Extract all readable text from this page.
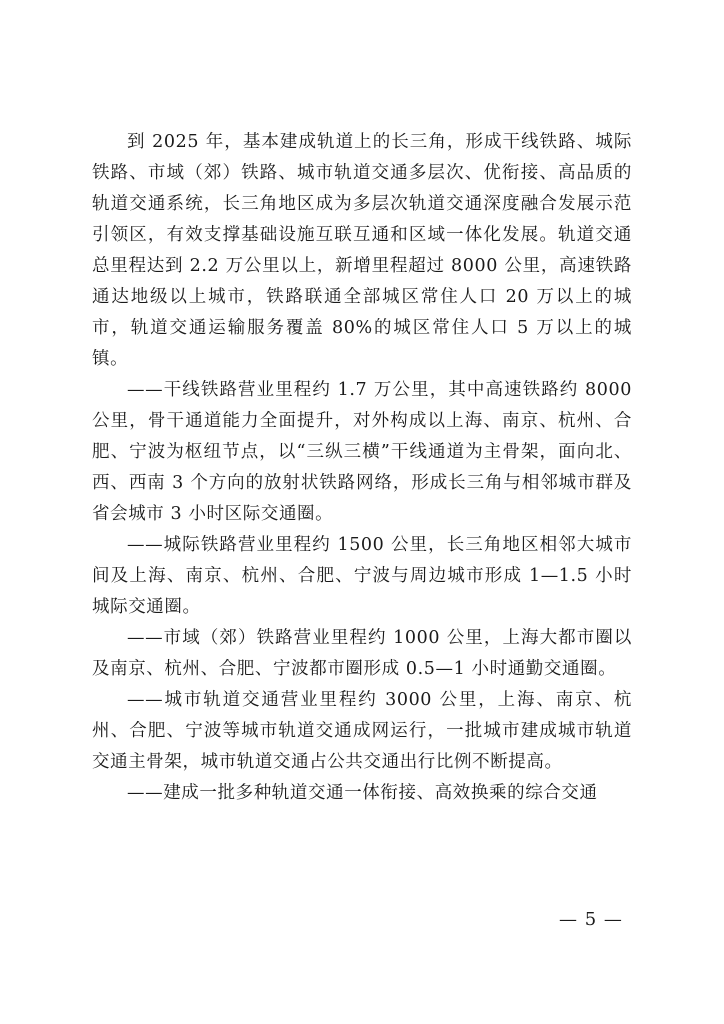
到 2025 年，基本建成轨道上的长三角，形成干线铁路、城际铁路、市域（郊）铁路、城市轨道交通多层次、优衔接、高品质的轨道交通系统，长三角地区成为多层次轨道交通深度融合发展示范引领区，有效支撑基础设施互联互通和区域一体化发展。轨道交通总里程达到 2.2 万公里以上，新增里程超过 8000 公里，高速铁路通达地级以上城市，铁路联通全部城区常住人口 20 万以上的城市，轨道交通运输服务覆盖 80%的城区常住人口 5 万以上的城镇。

——干线铁路营业里程约 1.7 万公里，其中高速铁路约 8000 公里，骨干通道能力全面提升，对外构成以上海、南京、杭州、合肥、宁波为枢纽节点，以“三纵三横”干线通道为主骨架，面向北、西、西南 3 个方向的放射状铁路网络，形成长三角与相邻城市群及省会城市 3 小时区际交通圈。

——城际铁路营业里程约 1500 公里，长三角地区相邻大城市间及上海、南京、杭州、合肥、宁波与周边城市形成 1—1.5 小时城际交通圈。

——市域（郊）铁路营业里程约 1000 公里，上海大都市圈以及南京、杭州、合肥、宁波都市圈形成 0.5—1 小时通勤交通圈。

——城市轨道交通营业里程约 3000 公里，上海、南京、杭州、合肥、宁波等城市轨道交通成网运行，一批城市建成城市轨道交通主骨架，城市轨道交通占公共交通出行比例不断提高。

——建成一批多种轨道交通一体衔接、高效换乘的综合交通

— 5 —
